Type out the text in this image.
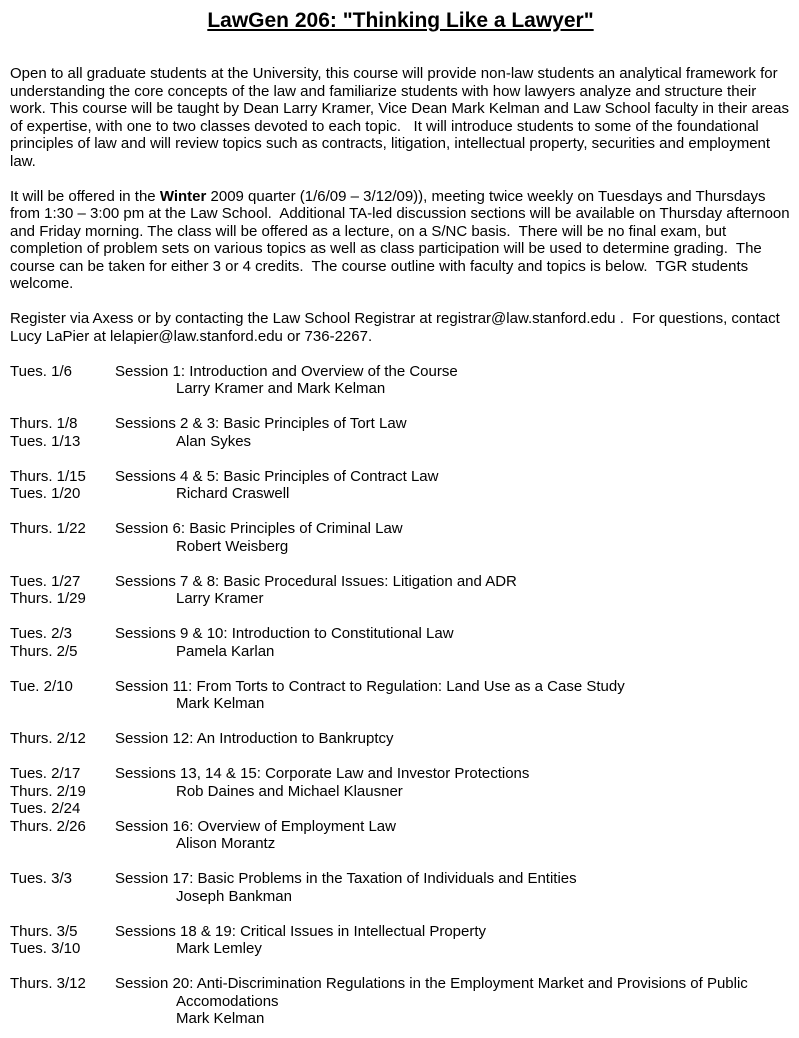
LawGen 206: "Thinking Like a Lawyer"

Open to all graduate students at the University, this course will provide non-law students an analytical framework for understanding the core concepts of the law and familiarize students with how lawyers analyze and structure their work. This course will be taught by Dean Larry Kramer, Vice Dean Mark Kelman and Law School faculty in their areas of expertise, with one to two classes devoted to each topic.   It will introduce students to some of the foundational principles of law and will review topics such as contracts, litigation, intellectual property, securities and employment law.

It will be offered in the Winter 2009 quarter (1/6/09 – 3/12/09)), meeting twice weekly on Tuesdays and Thursdays from 1:30 – 3:00 pm at the Law School.  Additional TA-led discussion sections will be available on Thursday afternoon and Friday morning. The class will be offered as a lecture, on a S/NC basis.  There will be no final exam, but completion of problem sets on various topics as well as class participation will be used to determine grading.  The course can be taken for either 3 or 4 credits.  The course outline with faculty and topics is below.  TGR students welcome.

Register via Axess or by contacting the Law School Registrar at registrar@law.stanford.edu .  For questions, contact Lucy LaPier at lelapier@law.stanford.edu or 736-2267.

Tues. 1/6	Session 1: Introduction and Overview of the Course
Larry Kramer and Mark Kelman
Thurs. 1/8	Sessions 2 & 3: Basic Principles of Tort Law
Tues. 1/13	Alan Sykes
Thurs. 1/15	Sessions 4 & 5: Basic Principles of Contract Law
Tues. 1/20	Richard Craswell
Thurs. 1/22	Session 6: Basic Principles of Criminal Law
Robert Weisberg
Tues. 1/27	Sessions 7 & 8: Basic Procedural Issues: Litigation and ADR
Thurs. 1/29	Larry Kramer
Tues. 2/3	Sessions 9 & 10: Introduction to Constitutional Law
Thurs. 2/5	Pamela Karlan
Tue. 2/10	Session 11: From Torts to Contract to Regulation: Land Use as a Case Study
Mark Kelman
Thurs. 2/12	Session 12: An Introduction to Bankruptcy
Tues. 2/17	Sessions 13, 14 & 15: Corporate Law and Investor Protections
Thurs. 2/19	Rob Daines and Michael Klausner
Tues. 2/24
Thurs. 2/26	Session 16: Overview of Employment Law
Alison Morantz
Tues. 3/3	Session 17: Basic Problems in the Taxation of Individuals and Entities
Joseph Bankman
Thurs. 3/5	Sessions 18 & 19: Critical Issues in Intellectual Property
Tues. 3/10	Mark Lemley
Thurs. 3/12	Session 20: Anti-Discrimination Regulations in the Employment Market and Provisions of Public
Accomodations
Mark Kelman
